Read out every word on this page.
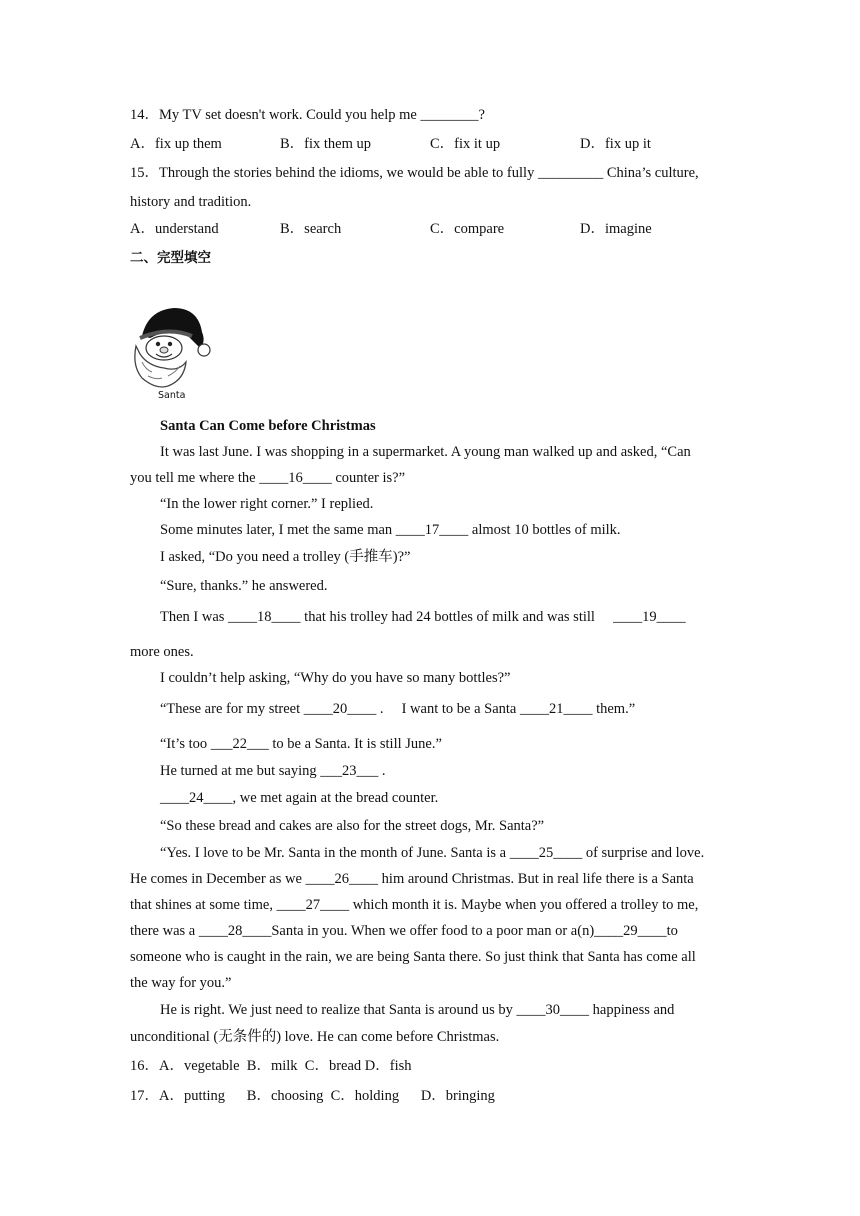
14．My TV set doesn't work. Could you help me ________?
A．fix up them	B．fix them up	C．fix it up	D．fix up it
15．Through the stories behind the idioms, we would be able to fully _________ China’s culture,
history and tradition.
A．understand	B．search	C．compare	D．imagine
二、完型填空
Santa
Santa Can Come before Christmas
It was last June. I was shopping in a supermarket. A young man walked up and asked, “Can
you tell me where the ____16____ counter is?”
“In the lower right corner.” I replied.
Some minutes later, I met the same man ____17____ almost 10 bottles of milk.
I asked, “Do you need a trolley (手推车)?”
“Sure, thanks.” he answered.
Then I was ____18____ that his trolley had 24 bottles of milk and was still     ____19____
more ones.
I couldn’t help asking, “Why do you have so many bottles?”
“These are for my street ____20____ .     I want to be a Santa ____21____ them.”
“It’s too ___22___ to be a Santa. It is still June.”
He turned at me but saying ___23___ .
____24____, we met again at the bread counter.
“So these bread and cakes are also for the street dogs, Mr. Santa?”
“Yes. I love to be Mr. Santa in the month of June. Santa is a ____25____ of surprise and love.
He comes in December as we ____26____ him around Christmas. But in real life there is a Santa
that shines at some time, ____27____ which month it is. Maybe when you offered a trolley to me,
there was a ____28____Santa in you. When we offer food to a poor man or a(n)____29____to
someone who is caught in the rain, we are being Santa there. So just think that Santa has come all
the way for you.”
He is right. We just need to realize that Santa is around us by ____30____ happiness and
unconditional (无条件的) love. He can come before Christmas.
16．A．vegetable  B．milk  C．bread D．fish
17．A．putting      B．choosing  C．holding      D．bringing
